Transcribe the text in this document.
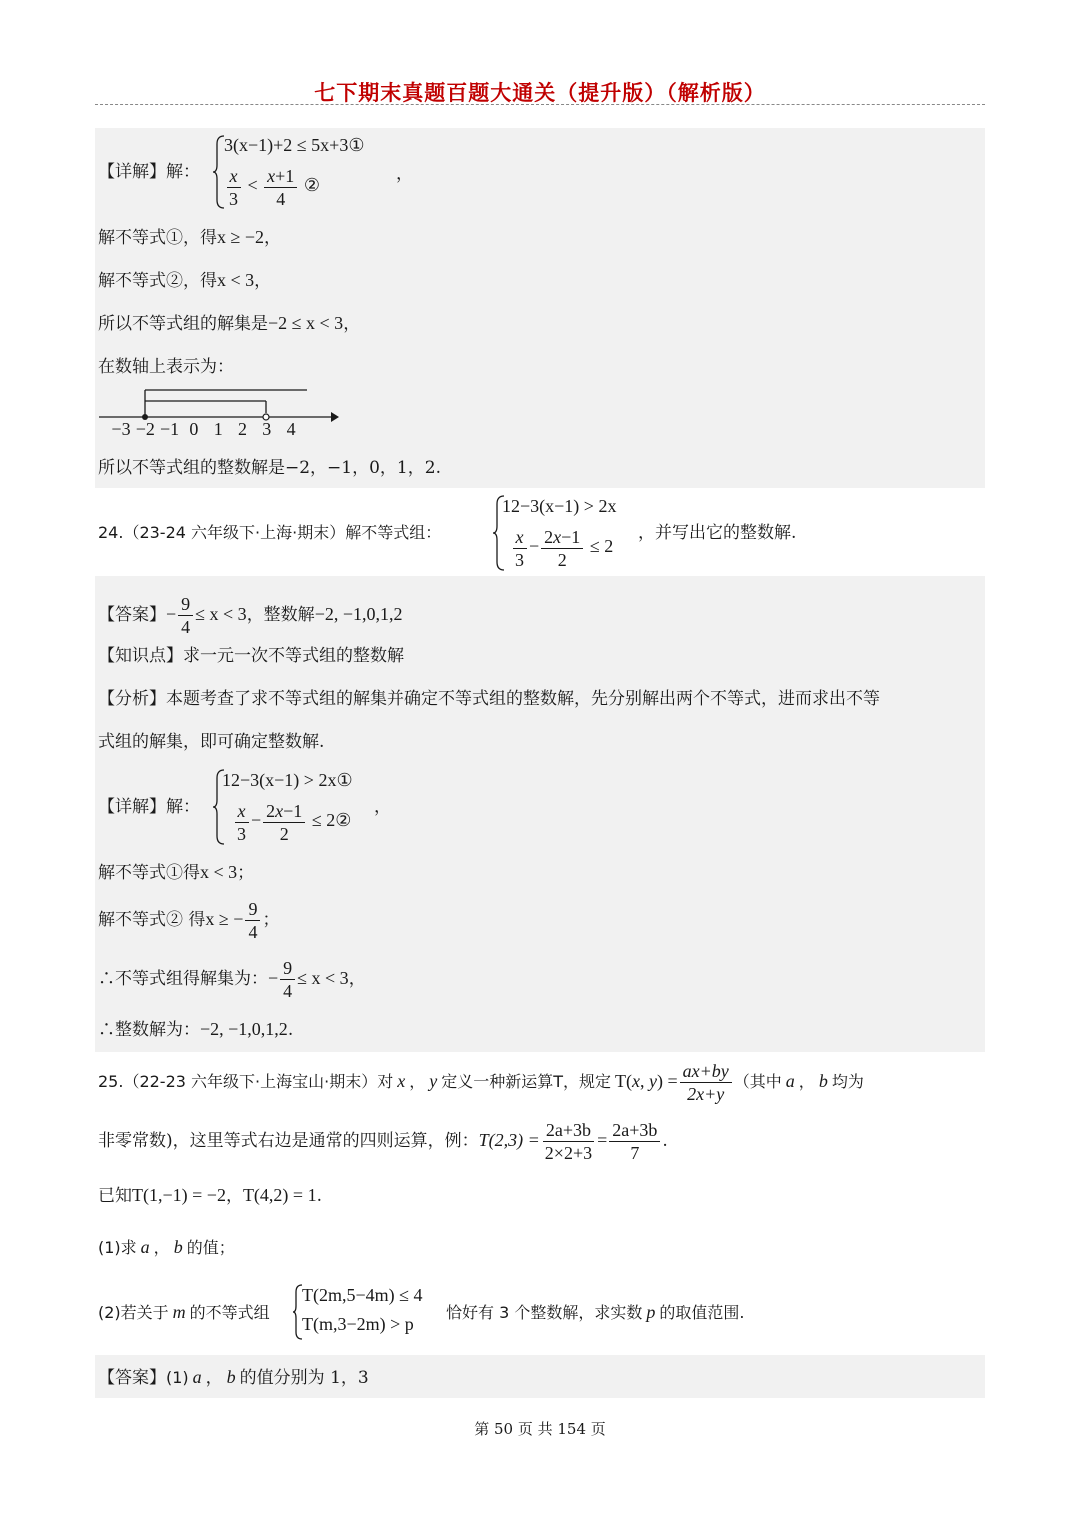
七下期末真题百题大通关（提升版）（解析版）
【详解】解：
3(x−1)+2 ≤ 5x+3①
$\frac{x}{3} < \frac{x+1}{4}$ ②
，
解不等式①，得x ≥ −2，
解不等式②，得x < 3，
所以不等式组的解集是−2 ≤ x < 3，
在数轴上表示为：
−3 −2 −1 0 1 2 3 4
所以不等式组的整数解是−2，−1，0，1，2.
24.（23-24 六年级下·上海·期末）解不等式组：
12−3(x−1) > 2x
$\frac{x}{3} - \frac{2x-1}{2} \le 2$
，并写出它的整数解.
【答案】− $\frac{9}{4} \le x < 3$，整数解−2, −1,0,1,2
【知识点】求一元一次不等式组的整数解
【分析】本题考查了求不等式组的解集并确定不等式组的整数解，先分别解出两个不等式，进而求出不等
式组的解集，即可确定整数解.
【详解】解：
12−3(x−1) > 2x①
$\frac{x}{3} - \frac{2x-1}{2}$ ≤ 2②
，
解不等式①得x < 3；
解不等式② 得x ≥ − $\frac{9}{4}$ ；
∴不等式组得解集为：− $\frac{9}{4} \le x < 3$，
∴整数解为：−2, −1,0,1,2.
25.（22-23 六年级下·上海宝山·期末）对 x ， y 定义一种新运算T，规定 T(x, $y) = \frac{ax+by}{2x+y}$ （其中 a ， b 均为
非零常数)，这里等式右边是通常的四则运算，例：$T(2,3) = \frac{2a+3b}{2\times 2+3} = \frac{2a+3b}{7}$ .
已知T(1,−1) = −2，T(4,2) = 1.
(1)求 a ， b 的值；
(2)若关于 m 的不等式组
T(2m,5−4m) ≤ 4
T(m,3−2m) > p
恰好有 3 个整数解，求实数 p 的取值范围.
【答案】(1) a ， b 的值分别为 1，3
第 50 页 共 154 页
